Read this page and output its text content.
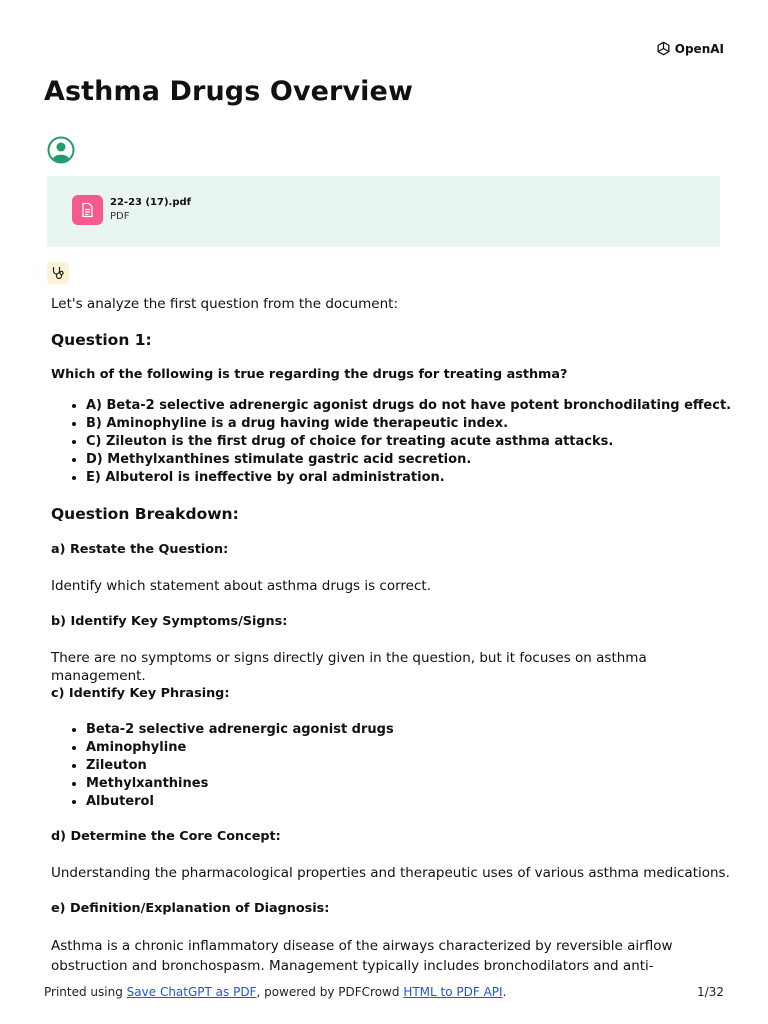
OpenAI
Asthma Drugs Overview
22-23 (17).pdf
PDF

Let's analyze the first question from the document:

Question 1:
Which of the following is true regarding the drugs for treating asthma?
• A) Beta-2 selective adrenergic agonist drugs do not have potent bronchodilating effect.
• B) Aminophyline is a drug having wide therapeutic index.
• C) Zileuton is the first drug of choice for treating acute asthma attacks.
• D) Methylxanthines stimulate gastric acid secretion.
• E) Albuterol is ineffective by oral administration.
Question Breakdown:
a) Restate the Question:

Identify which statement about asthma drugs is correct.

b) Identify Key Symptoms/Signs:

There are no symptoms or signs directly given in the question, but it focuses on asthma management.

c) Identify Key Phrasing:
• Beta-2 selective adrenergic agonist drugs
• Aminophyline
• Zileuton
• Methylxanthines
• Albuterol
d) Determine the Core Concept:

Understanding the pharmacological properties and therapeutic uses of various asthma medications.

e) Definition/Explanation of Diagnosis:

Asthma is a chronic inflammatory disease of the airways characterized by reversible airflow obstruction and bronchospasm. Management typically includes bronchodilators and anti-

Printed using Save ChatGPT as PDF, powered by PDFCrowd HTML to PDF API.	1/32
